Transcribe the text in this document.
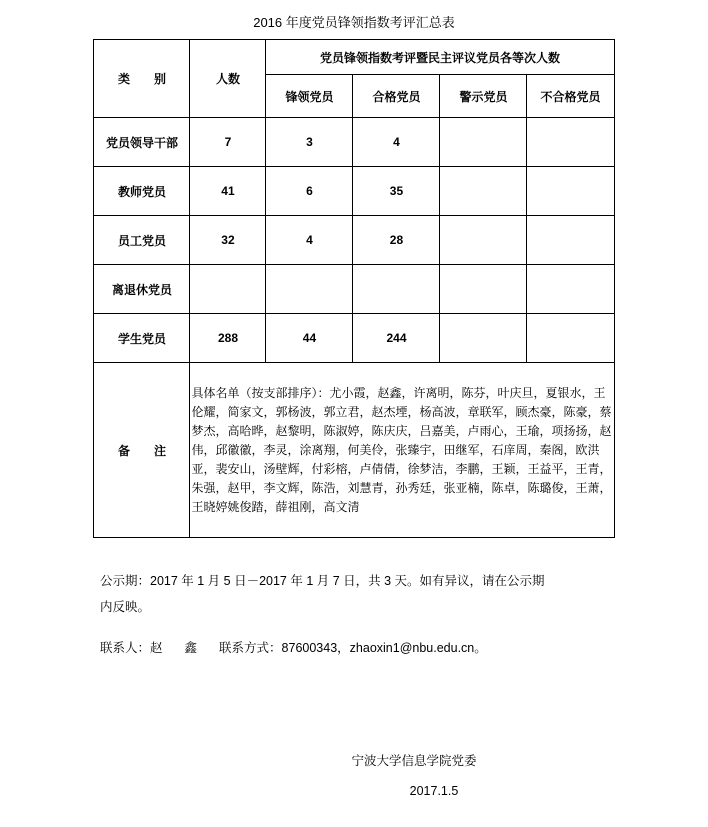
2016 年度党员锋领指数考评汇总表
类　别	人数	党员锋领指数考评暨民主评议党员各等次人数			
		锋领党员	合格党员	警示党员	不合格党员
党员领导干部	7	3	4		
教师党员	41	6	35		
员工党员	32	4	28		
离退休党员					
学生党员	288	44	244		
备　注	具体名单（按支部排序）：尤小霞，赵鑫，许离明，陈芬，叶庆旦，夏银水，王伦耀，简家文，郭杨波，郭立君，赵杰堙，杨高波，章联军，顾杰豪，陈豪，蔡梦杰，高哈晔，赵黎明，陈淑婷，陈庆庆，吕嘉美，卢雨心，王瑜，项扬扬，赵伟，邱徽徽，李灵，涂离翔，何美伶，张臻宇，田继军，石庠周，秦阁，欧洪亚，裴安山，汤壁辉，付彩榕，卢倩倩，徐梦洁，李鹏，王颖，王益平，王青，朱强，赵甲，李文辉，陈浩，刘慧青，孙秀廷，张亚楠，陈卓，陈璐俊，王萧，王晓婷姚俊踏，薛祖刚，高文清				
公示期：2017 年 1 月 5 日－2017 年 1 月 7 日，共 3 天。如有异议，请在公示期
内反映。
联系人：赵 鑫 联系方式：87600343，zhaoxin1@nbu.edu.cn。
宁波大学信息学院党委
2017.1.5
